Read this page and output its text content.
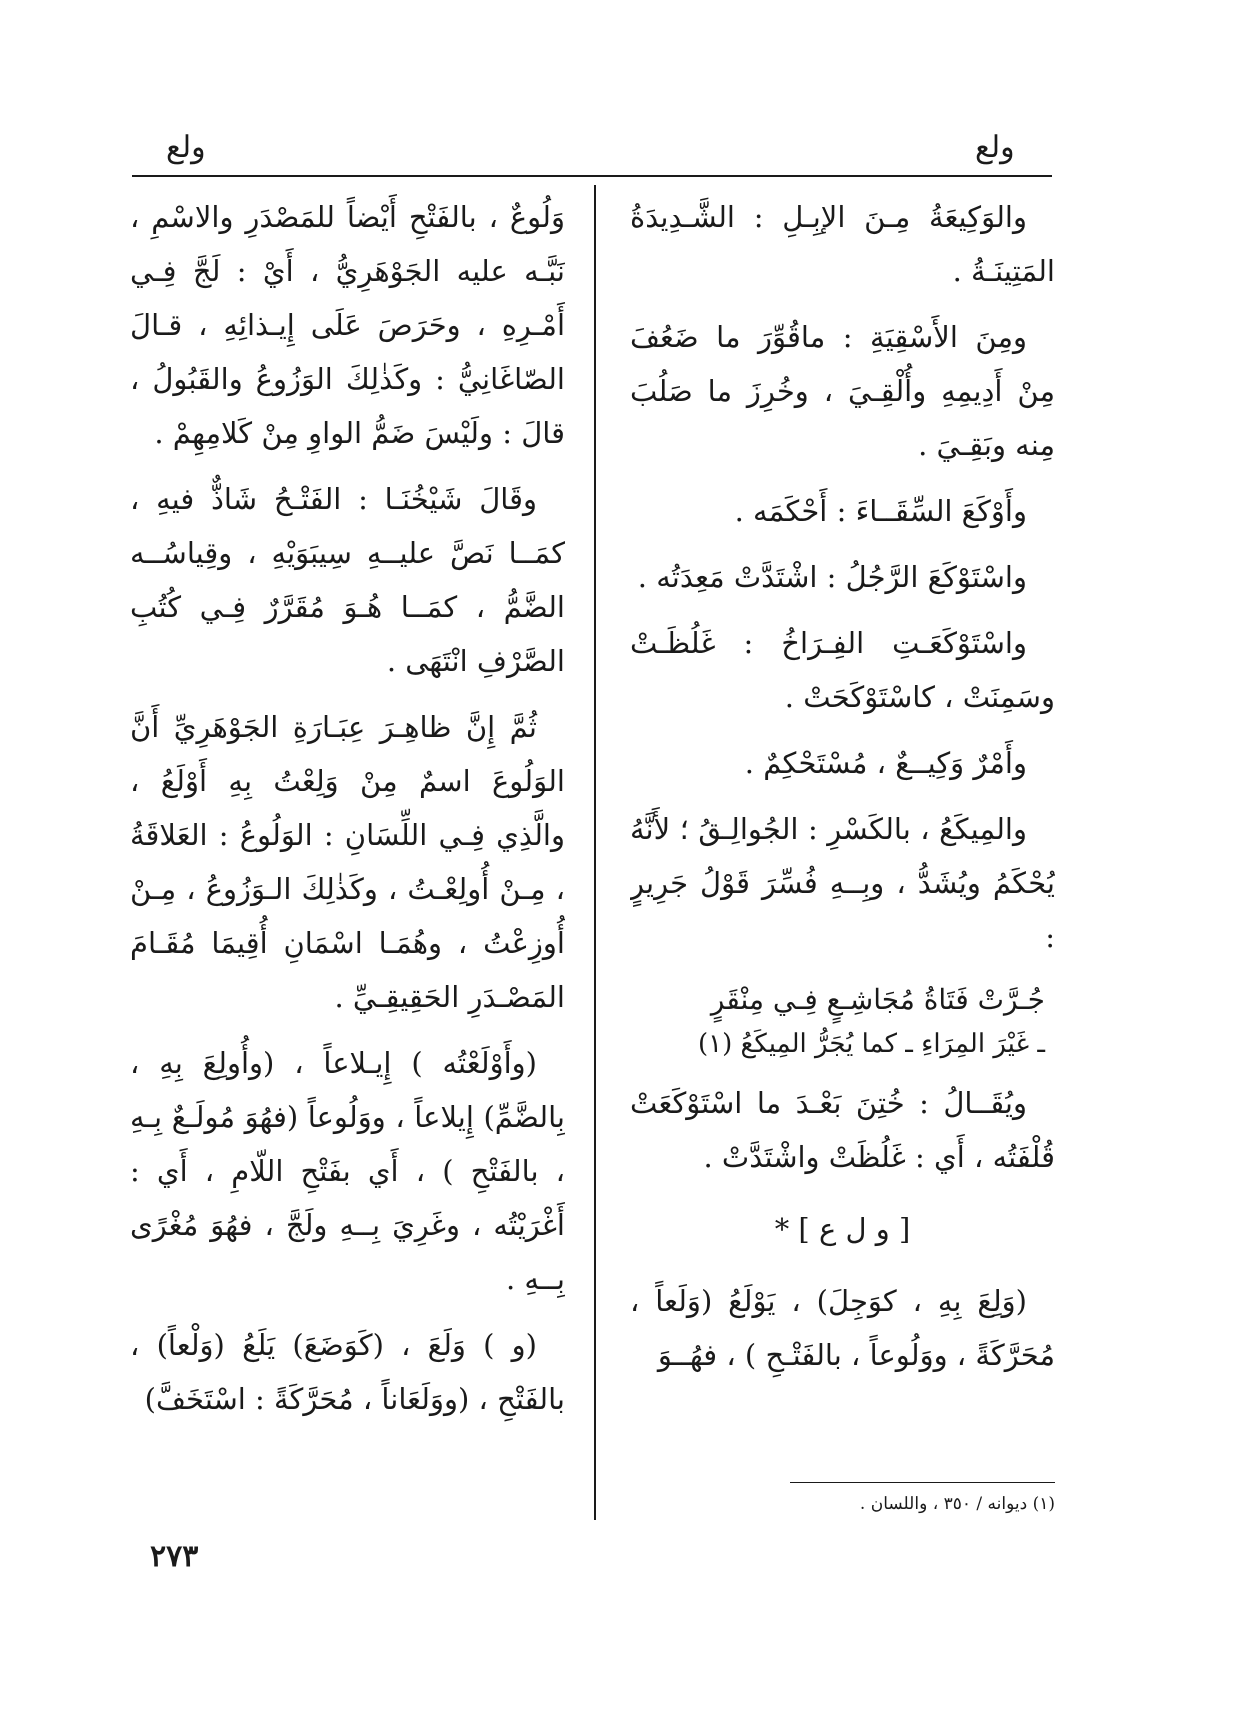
ولع
ولع

والوَكِيعَةُ مِـنَ الإبِـلِ : الشَّـدِيدَةُ المَتِينَـةُ .

ومِنَ الأَسْقِيَةِ : ماقُوِّرَ ما ضَعُفَ مِنْ أَدِيمِهِ وأُلْقِـيَ ، وخُرِزَ ما صَلُبَ مِنه وبَقِـيَ .

وأَوْكَعَ السِّقَــاءَ : أَحْكَمَه .

واسْتَوْكَعَ الرَّجُلُ : اشْتَدَّتْ مَعِدَتُه .

واسْتَوْكَعَـتِ الفِـرَاخُ : غَلُظَـتْ وسَمِنَتْ ، كاسْتَوْكَحَتْ .

وأَمْرٌ وَكِيــعٌ ، مُسْتَحْكِمٌ .

والمِيكَعُ ، بالكَسْرِ : الجُوالِـقُ ؛ لأَنَّهُ يُحْكَمُ ويُشَدُّ ، وبِــهِ فُسِّرَ قَوْلُ جَرِيرٍ :

جُـرَّتْ فَتَاةُ مُجَاشِـعٍ فِـي مِنْقَرٍ
ـ غَيْرَ المِرَاءِ ـ كما يُجَرُّ المِيكَعُ (١)

ويُقَــالُ : خُتِنَ بَعْـدَ ما اسْتَوْكَعَتْ قُلْفَتُه ، أَي : غَلُظَتْ واشْتَدَّتْ .

[ و ل ع ] *

(وَلِعَ بِهِ ، كوَجِلَ) ، يَوْلَعُ (وَلَعاً ، مُحَرَّكَةً ، ووَلُوعاً ، بالفَتْـحِ ) ، فهُــوَ

وَلُوعٌ ، بالفَتْحِ أَيْضاً للمَصْدَرِ والاسْمِ ، نَبَّـه عليه الجَوْهَرِيُّ ، أَيْ : لَجَّ فِـي أَمْـرِهِ ، وحَرَصَ عَلَى إِيـذائِهِ ، قـالَ الصّاغَانِيُّ : وكَذٰلِكَ الوَزُوعُ والقَبُولُ ، قالَ : ولَيْسَ ضَمُّ الواوِ مِنْ كَلامِهِمْ .

وقَالَ شَيْخُنَـا : الفَتْـحُ شَاذٌّ فيهِ ، كمَــا نَصَّ عليــهِ سِيبَوَيْهِ ، وقِياسُــه الضَّمُّ ، كمَــا هُـوَ مُقَرَّرٌ فِـي كُتُبِ الصَّرْفِ انْتَهَى .

ثُمَّ إِنَّ ظاهِـرَ عِبَـارَةِ الجَوْهَرِيِّ أَنَّ الوَلُوعَ اسمٌ مِنْ وَلِعْتُ بِهِ أَوْلَعُ ، والَّذِي فِـي اللِّسَانِ : الوَلُوعُ : العَلاقَةُ ، مِـنْ أُولِعْـتُ ، وكَذٰلِكَ الـوَزُوعُ ، مِـنْ أُوزِعْتُ ، وهُمَـا اسْمَانِ أُقِيمَا مُقَـامَ المَصْـدَرِ الحَقِيقِـيِّ .

(وأَوْلَعْتُه ) إِيـلاعاً ، (وأُولِعَ بِهِ ، بِالضَّمِّ) إِيلاعاً ، ووَلُوعاً (فهُوَ مُولَـعٌ بِـهِ ، بالفَتْحِ ) ، أَي بفَتْحِ اللّامِ ، أَي : أَغْرَيْتُه ، وغَرِيَ بِــهِ ولَجَّ ، فهُوَ مُغْرًى بِــهِ .

(و ) وَلَعَ ، (كَوَضَعَ) يَلَعُ (وَلْعاً) ، بالفَتْحِ ، (ووَلَعَاناً ، مُحَرَّكَةً : اسْتَخَفَّ)

(١) ديوانه / ٣٥٠ ، واللسان .
٢٧٣
